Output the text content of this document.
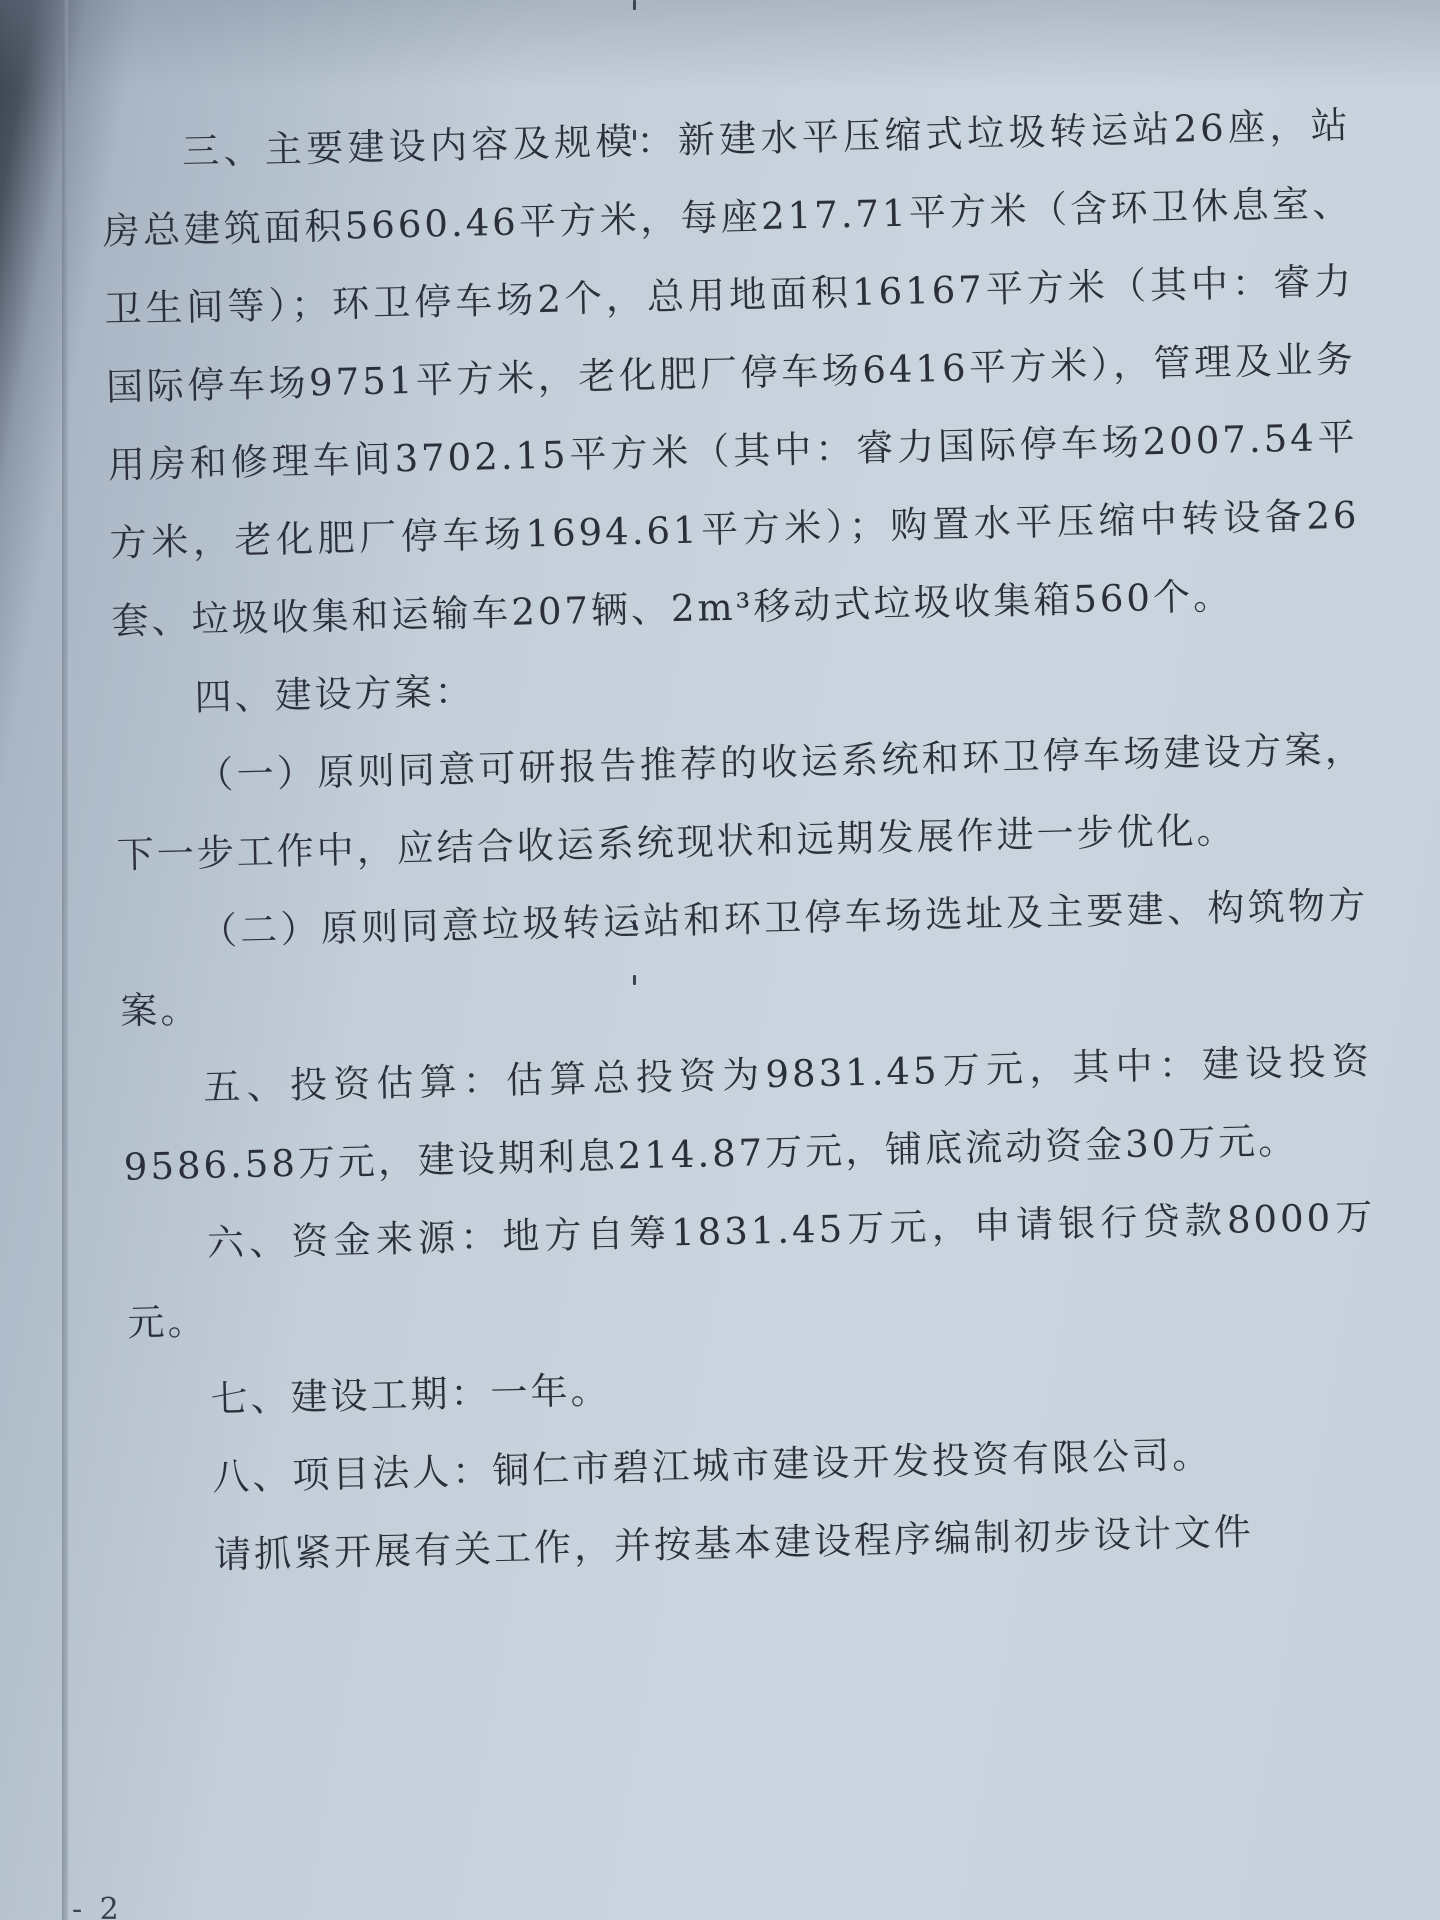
三、主要建设内容及规模：新建水平压缩式垃圾转运站26座，站房总建筑面积5660.46平方米，每座217.71平方米（含环卫休息室、卫生间等）；环卫停车场2个，总用地面积16167平方米（其中：睿力国际停车场9751平方米，老化肥厂停车场6416平方米），管理及业务用房和修理车间3702.15平方米（其中：睿力国际停车场2007.54平方米，老化肥厂停车场1694.61平方米）；购置水平压缩中转设备26套、垃圾收集和运输车207辆、2m³移动式垃圾收集箱560个。

四、建设方案：

（一）原则同意可研报告推荐的收运系统和环卫停车场建设方案，下一步工作中，应结合收运系统现状和远期发展作进一步优化。

（二）原则同意垃圾转运站和环卫停车场选址及主要建、构筑物方案。

五、投资估算：估算总投资为9831.45万元，其中：建设投资9586.58万元，建设期利息214.87万元，铺底流动资金30万元。

六、资金来源：地方自筹1831.45万元，申请银行贷款8000万元。

七、建设工期：一年。

八、项目法人：铜仁市碧江城市建设开发投资有限公司。

请抓紧开展有关工作，并按基本建设程序编制初步设计文件

- 2
